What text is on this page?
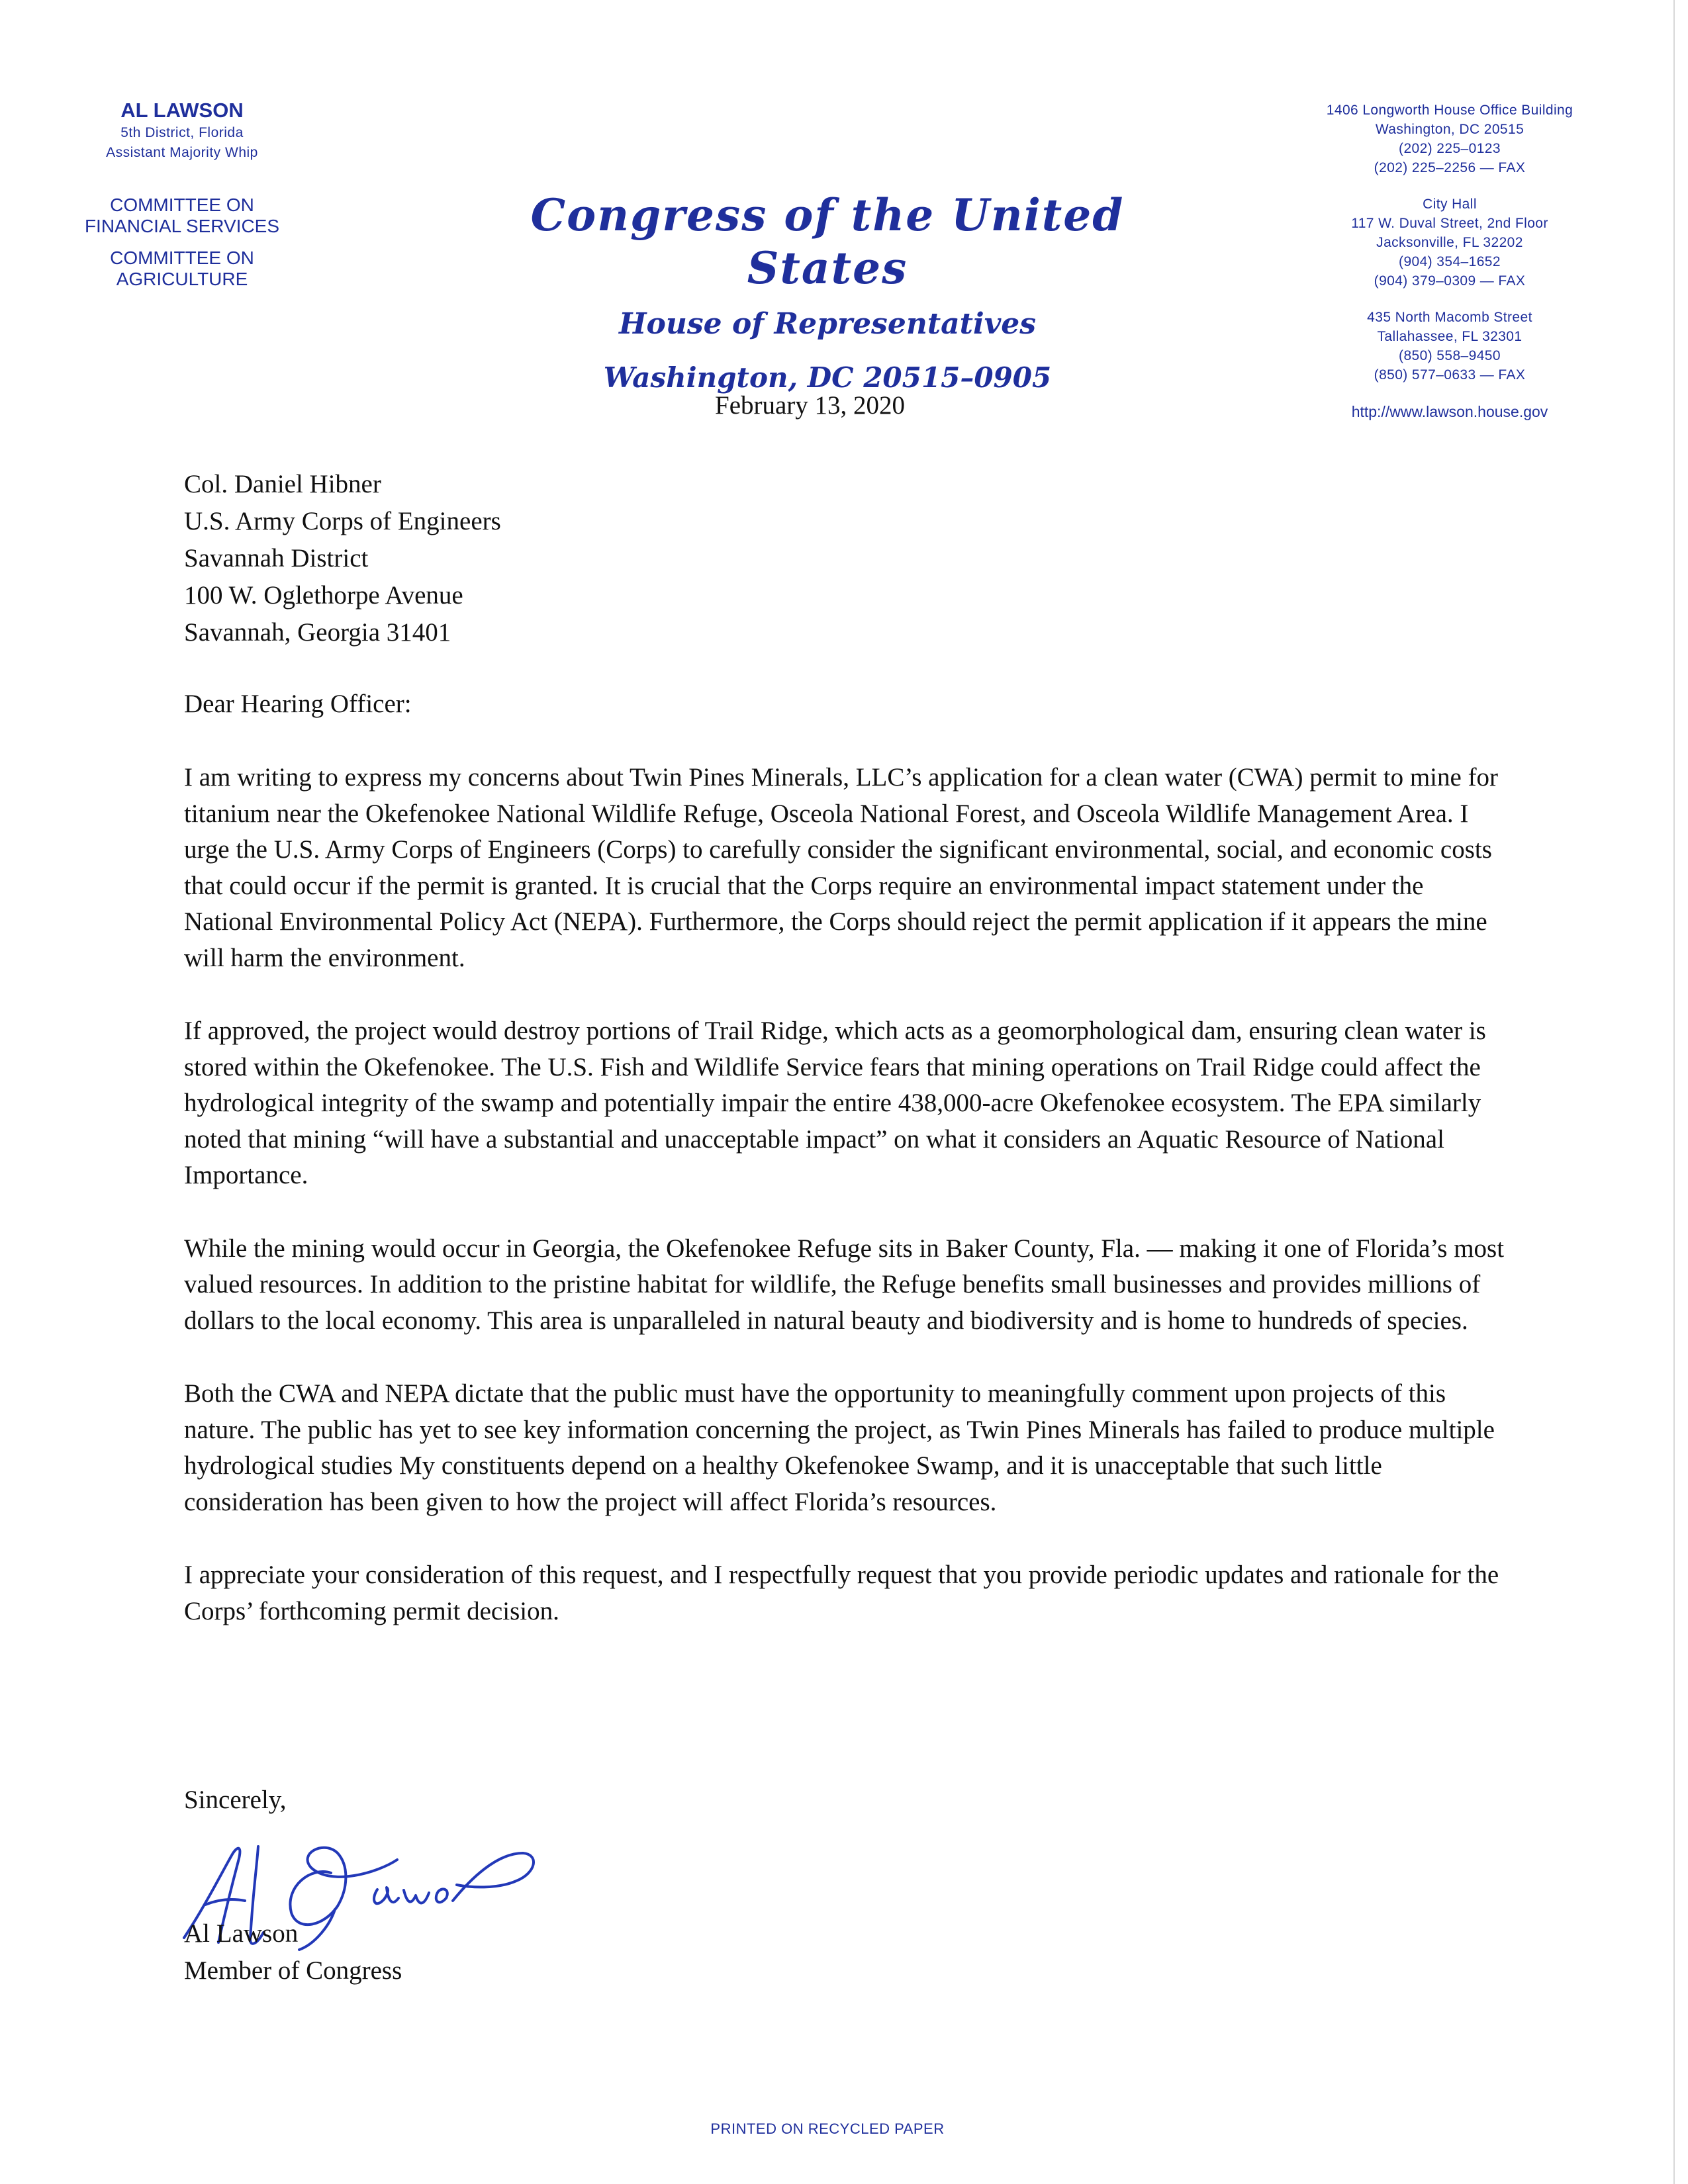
AL LAWSON
5th District, Florida
Assistant Majority Whip
COMMITTEE ON
FINANCIAL SERVICES
COMMITTEE ON
AGRICULTURE
Congress of the United States
House of Representatives
Washington, DC 20515–0905
1406 Longworth House Office Building
Washington, DC 20515
(202) 225–0123
(202) 225–2256 — FAX
City Hall
117 W. Duval Street, 2nd Floor
Jacksonville, FL 32202
(904) 354–1652
(904) 379–0309 — FAX
435 North Macomb Street
Tallahassee, FL 32301
(850) 558–9450
(850) 577–0633 — FAX
http://www.lawson.house.gov
February 13, 2020
Col. Daniel Hibner
U.S. Army Corps of Engineers
Savannah District
100 W. Oglethorpe Avenue
Savannah, Georgia 31401
Dear Hearing Officer:

I am writing to express my concerns about Twin Pines Minerals, LLC’s application for a clean water (CWA) permit to mine for titanium near the Okefenokee National Wildlife Refuge, Osceola National Forest, and Osceola Wildlife Management Area. I urge the U.S. Army Corps of Engineers (Corps) to carefully consider the significant environmental, social, and economic costs that could occur if the permit is granted. It is crucial that the Corps require an environmental impact statement under the National Environmental Policy Act (NEPA). Furthermore, the Corps should reject the permit application if it appears the mine will harm the environment.

If approved, the project would destroy portions of Trail Ridge, which acts as a geomorphological dam, ensuring clean water is stored within the Okefenokee. The U.S. Fish and Wildlife Service fears that mining operations on Trail Ridge could affect the hydrological integrity of the swamp and potentially impair the entire 438,000-acre Okefenokee ecosystem. The EPA similarly noted that mining “will have a substantial and unacceptable impact” on what it considers an Aquatic Resource of National Importance.

While the mining would occur in Georgia, the Okefenokee Refuge sits in Baker County, Fla. — making it one of Florida’s most valued resources. In addition to the pristine habitat for wildlife, the Refuge benefits small businesses and provides millions of dollars to the local economy. This area is unparalleled in natural beauty and biodiversity and is home to hundreds of species.

Both the CWA and NEPA dictate that the public must have the opportunity to meaningfully comment upon projects of this nature. The public has yet to see key information concerning the project, as Twin Pines Minerals has failed to produce multiple hydrological studies My constituents depend on a healthy Okefenokee Swamp, and it is unacceptable that such little consideration has been given to how the project will affect Florida’s resources.

I appreciate your consideration of this request, and I respectfully request that you provide periodic updates and rationale for the Corps’ forthcoming permit decision.

Sincerely,
Al Lawson
Member of Congress
PRINTED ON RECYCLED PAPER
